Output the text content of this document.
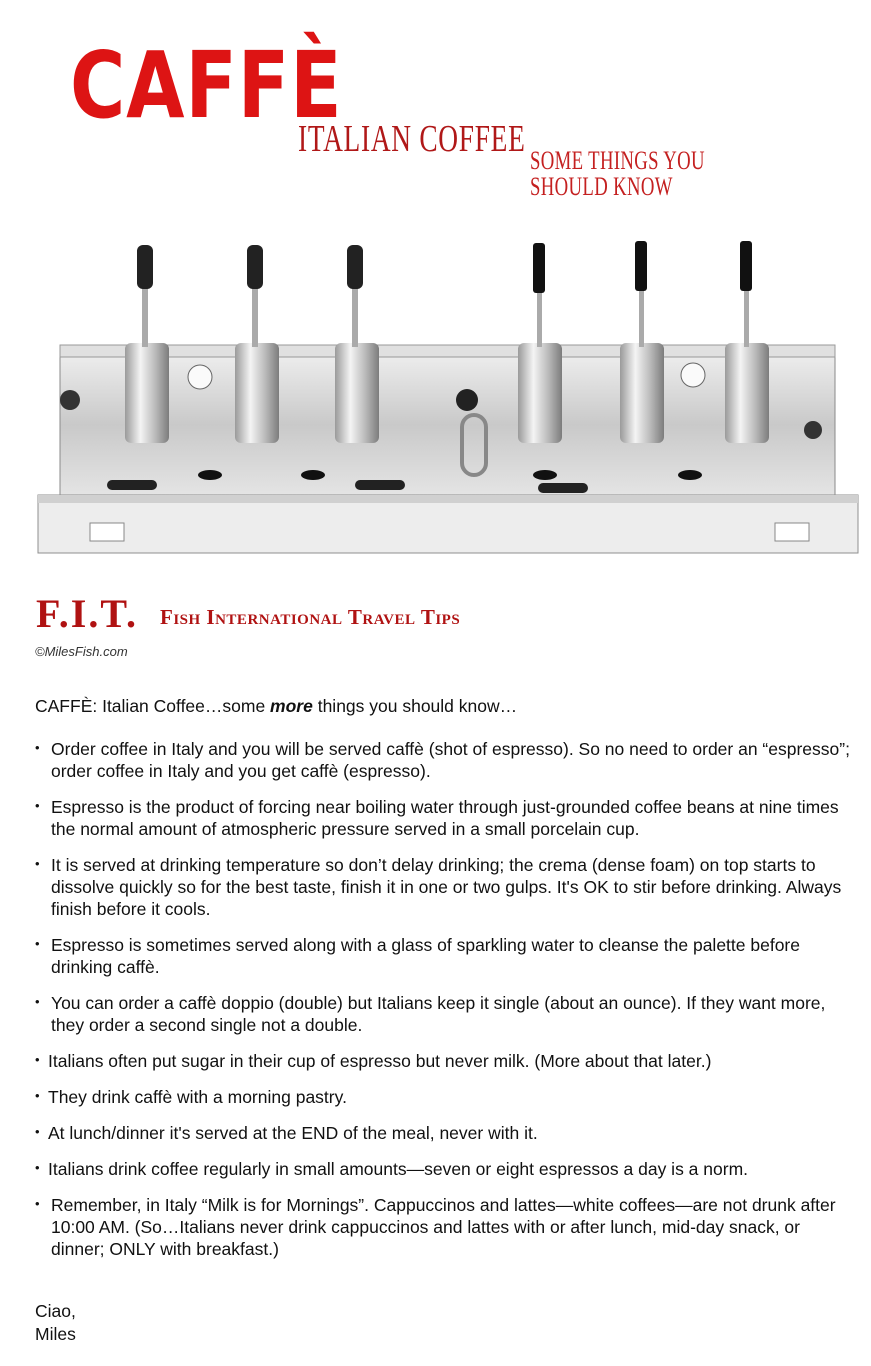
CAFFÈ
ITALIAN COFFEE
SOME THINGS YOU SHOULD KNOW
F.I.T. Fish International Travel Tips
©MilesFish.com
CAFFÈ: Italian Coffee…some more things you should know…
• Order coffee in Italy and you will be served caffè (shot of espresso). So no need to order an “espresso”; order coffee in Italy and you get caffè (espresso).
• Espresso is the product of forcing near boiling water through just-grounded coffee beans at nine times the normal amount of atmospheric pressure served in a small porcelain cup.
• It is served at drinking temperature so don’t delay drinking; the crema (dense foam) on top starts to dissolve quickly so for the best taste, finish it in one or two gulps. It's OK to stir before drinking. Always finish before it cools.
• Espresso is sometimes served along with a glass of sparkling water to cleanse the palette before drinking caffè.
• You can order a caffè doppio (double) but Italians keep it single (about an ounce). If they want more, they order a second single not a double.
• Italians often put sugar in their cup of espresso but never milk. (More about that later.)
• They drink caffè with a morning pastry.
• At lunch/dinner it's served at the END of the meal, never with it.
• Italians drink coffee regularly in small amounts—seven or eight espressos a day is a norm.
• Remember, in Italy “Milk is for Mornings”. Cappuccinos and lattes—white coffees—are not drunk after 10:00 AM. (So…Italians never drink cappuccinos and lattes with or after lunch, mid-day snack, or dinner; ONLY with breakfast.)
Ciao,
Miles
